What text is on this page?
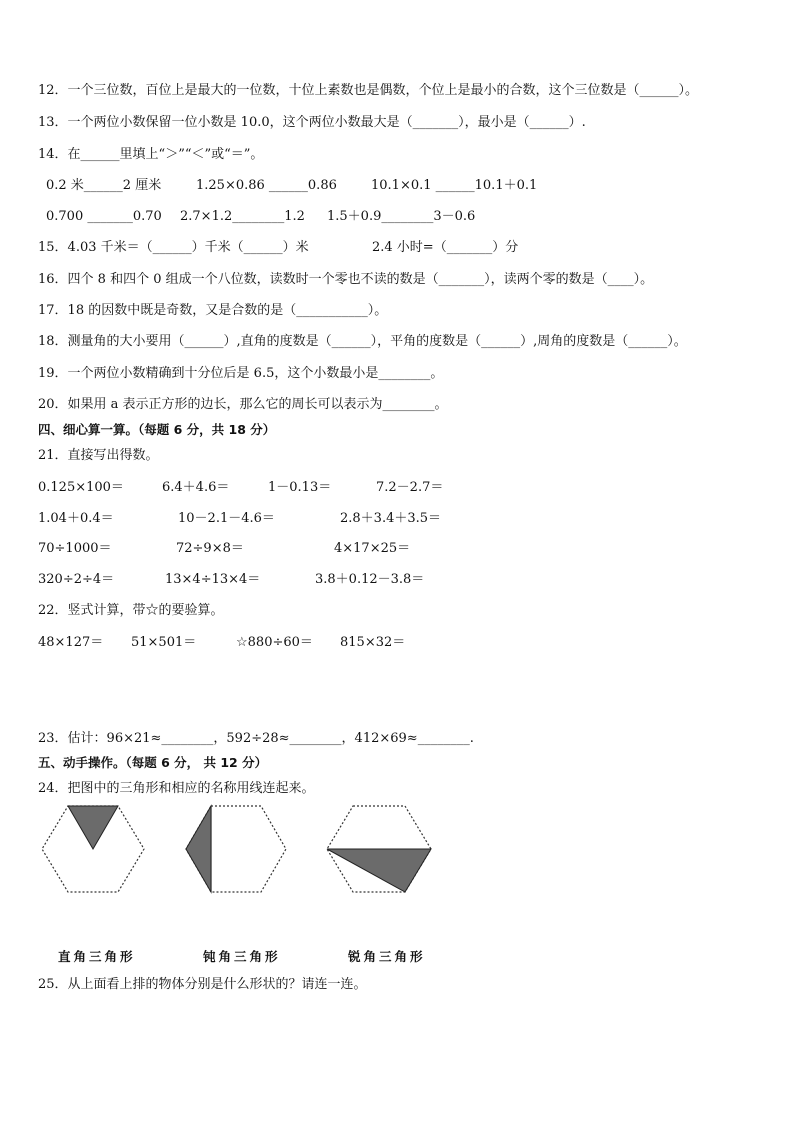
12．一个三位数，百位上是最大的一位数，十位上素数也是偶数，个位上是最小的合数，这个三位数是（______）。
13．一个两位小数保留一位小数是 10.0，这个两位小数最大是（_______），最小是（______）.
14．在______里填上“＞”“＜”或“＝”。
0.2 米______2 厘米	1.25×0.86 ______0.86	10.1×0.1 ______10.1＋0.1
0.700 _______0.70 2.7×1.2________1.2 1.5＋0.9________3－0.6
15．4.03 千米＝（______）千米（______）米	2.4 小时=（_______）分
16．四个 8 和四个 0 组成一个八位数，读数时一个零也不读的数是（_______），读两个零的数是（____）。
17．18 的因数中既是奇数，又是合数的是（___________）。
18．测量角的大小要用（______）,直角的度数是（______），平角的度数是（______）,周角的度数是（______）。
19．一个两位小数精确到十分位后是 6.5，这个小数最小是________。
20．如果用 a 表示正方形的边长，那么它的周长可以表示为________。
四、细心算一算。（每题 6 分，共 18 分）
21．直接写出得数。
0.125×100＝	6.4＋4.6＝	1－0.13＝	7.2－2.7＝
1.04＋0.4＝	10－2.1－4.6＝	2.8＋3.4＋3.5＝
70÷1000＝	72÷9×8＝	4×17×25＝
320÷2÷4＝	13×4÷13×4＝	3.8＋0.12－3.8＝
22．竖式计算，带☆的要验算。
48×127＝ 51×501＝	☆880÷60＝ 815×32＝
23．估计：96×21≈________，592÷28≈________，412×69≈________.
五、动手操作。（每题 6 分， 共 12 分）
24．把图中的三角形和相应的名称用线连起来。
直角三角形	钝角三角形	锐角三角形
25．从上面看上排的物体分别是什么形状的？请连一连。
